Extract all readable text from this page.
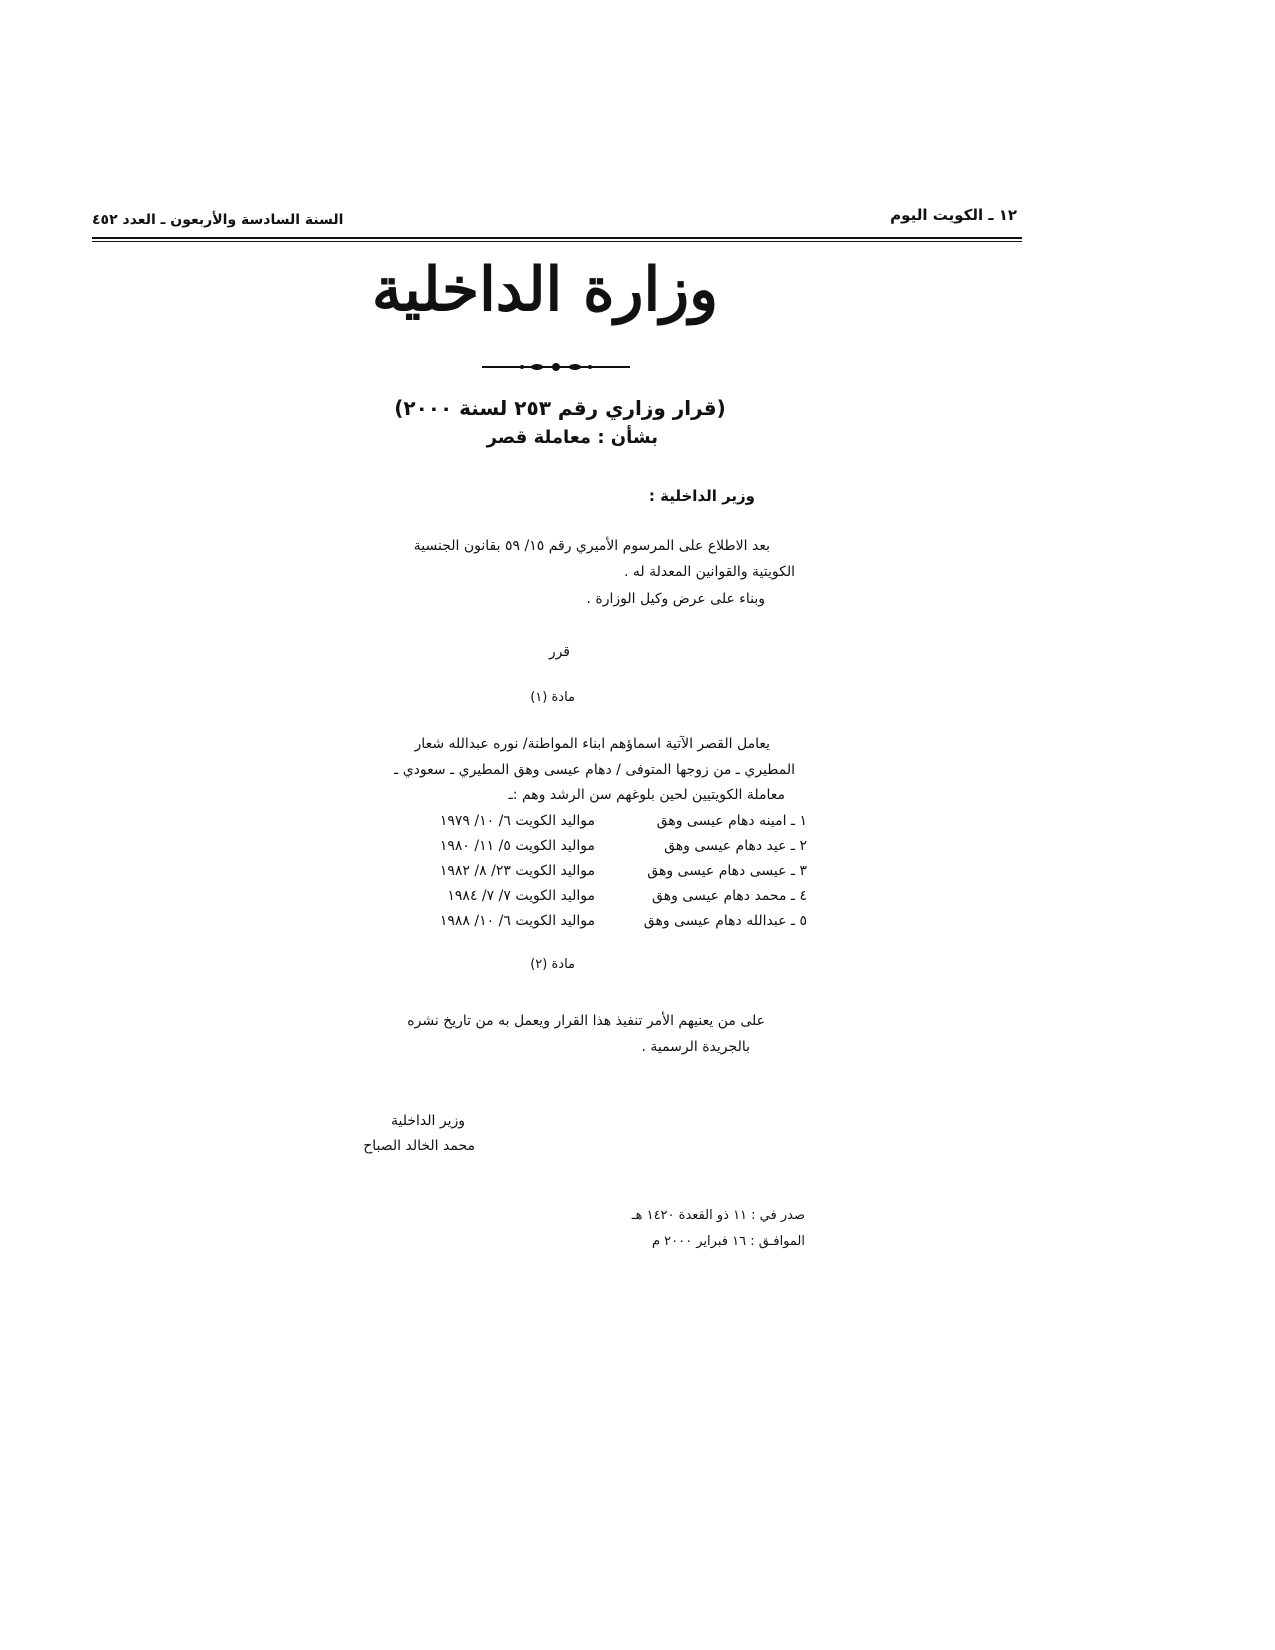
١٢ ـ الكويت اليوم
السنة السادسة والأربعون ـ العدد ٤٥٢
وزارة الداخلية
(قرار وزاري رقم ٢٥٣ لسنة ٢٠٠٠)
بشأن : معاملة قصر
وزير الداخلية :
بعد الاطلاع على المرسوم الأميري رقم ١٥/ ٥٩ بقانون الجنسية
الكويتية والقوانين المعدلة له .
وبناء على عرض وكيل الوزارة .
قرر
مادة (١)
يعامل القصر الآتية اسماؤهم ابناء المواطنة/ نوره عبدالله شعار
المطيري ـ من زوجها المتوفى / دهام عيسى وهق المطيري ـ سعودي ـ
معاملة الكويتيين لحين بلوغهم سن الرشد وهم :ـ
١ ـ امينه دهام عيسى وهق
مواليد الكويت ٦/ ١٠/ ١٩٧٩
٢ ـ عيد دهام عيسى وهق
مواليد الكويت ٥/ ١١/ ١٩٨٠
٣ ـ عيسى دهام عيسى وهق
مواليد الكويت ٢٣/ ٨/ ١٩٨٢
٤ ـ محمد دهام عيسى وهق
مواليد الكويت ٧/ ٧/ ١٩٨٤
٥ ـ عبدالله دهام عيسى وهق
مواليد الكويت ٦/ ١٠/ ١٩٨٨
مادة (٢)
على من يعنيهم الأمر تنفيذ هذا القرار ويعمل به من تاريخ نشره
بالجريدة الرسمية .
وزير الداخلية
محمد الخالد الصباح
صدر في : ١١ ذو القعدة ١٤٢٠ هـ
الموافـق : ١٦ فبراير ٢٠٠٠ م
